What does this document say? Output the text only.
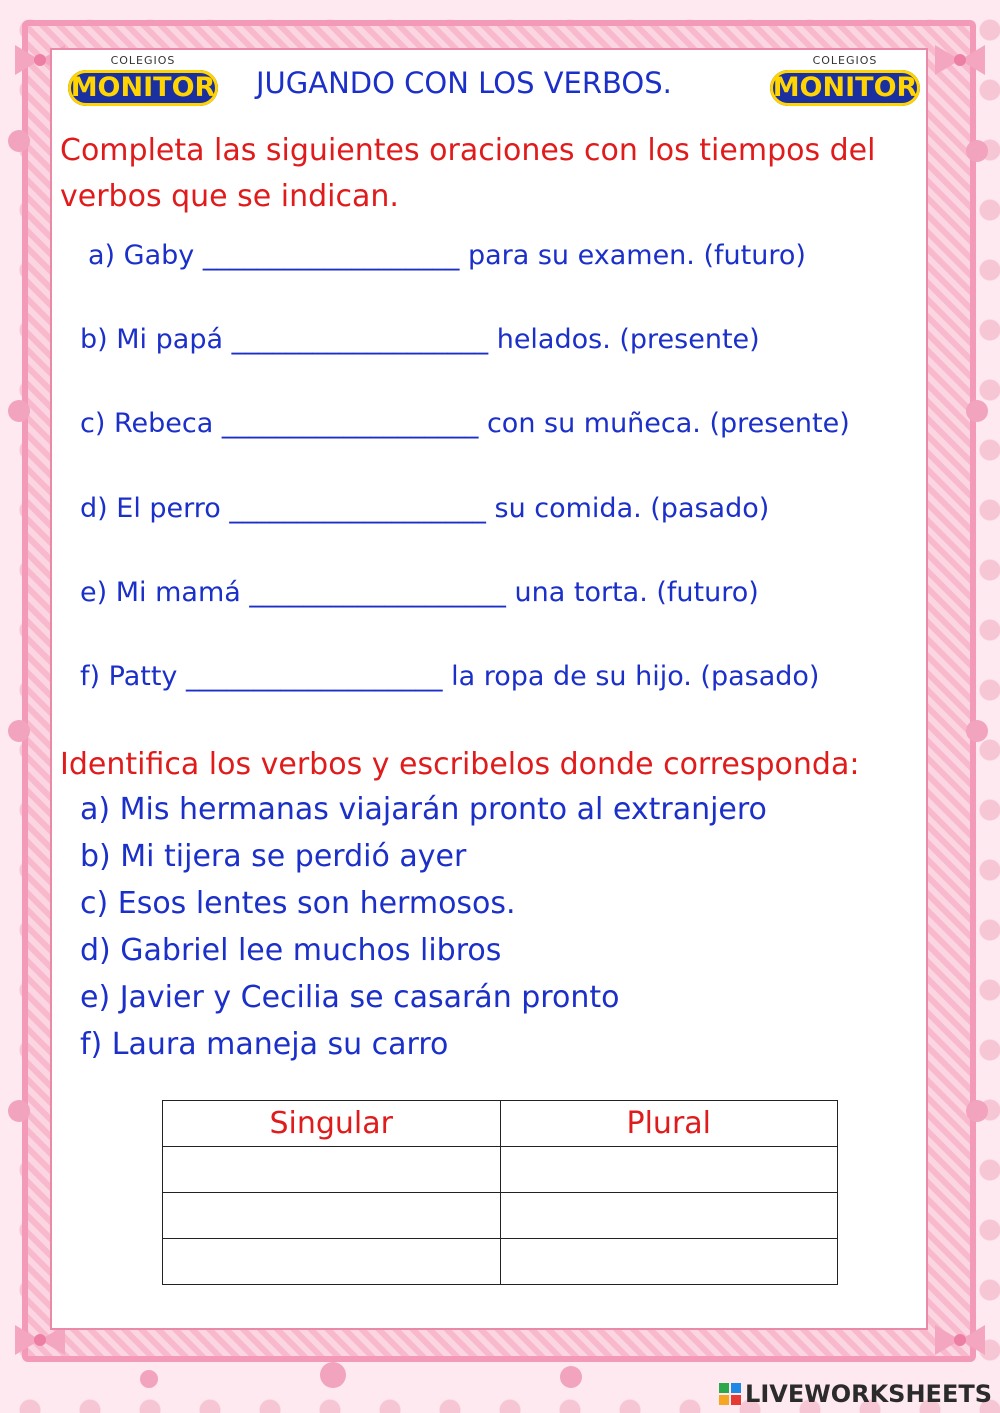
COLEGIOS
MONITOR
COLEGIOS
MONITOR
JUGANDO CON LOS VERBOS.
Completa las siguientes oraciones con los tiempos del
verbos que se indican.
a) Gaby ___________________ para su examen. (futuro)
b) Mi papá ___________________ helados. (presente)
c) Rebeca ___________________ con su muñeca. (presente)
d) El perro ___________________ su comida. (pasado)
e) Mi mamá ___________________ una torta. (futuro)
f) Patty ___________________ la ropa de su hijo. (pasado)
Identifica los verbos y escribelos donde corresponda:
a) Mis hermanas viajarán pronto al extranjero
b) Mi tijera se perdió ayer
c) Esos lentes son hermosos.
d) Gabriel lee muchos libros
e) Javier y Cecilia se casarán pronto
f) Laura maneja su carro
Singular	Plural

LIVEWORKSHEETS
